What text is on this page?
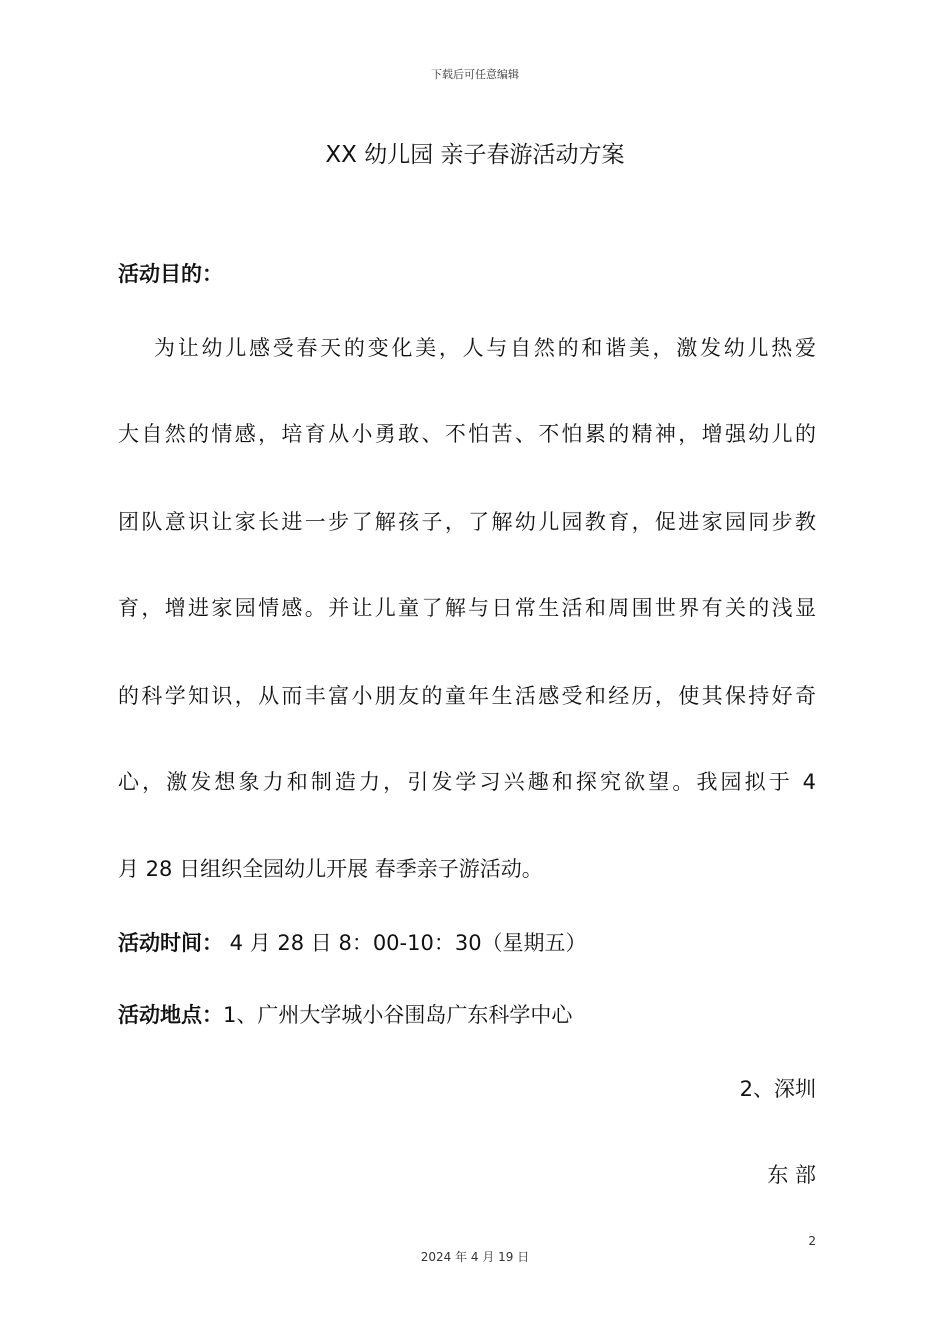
下载后可任意编辑
XX 幼儿园 亲子春游活动方案
活动目的：
为让幼儿感受春天的变化美，人与自然的和谐美，激发幼儿热爱
大自然的情感，培育从小勇敢、不怕苦、不怕累的精神，增强幼儿的
团队意识让家长进一步了解孩子，了解幼儿园教育，促进家园同步教
育，增进家园情感。并让儿童了解与日常生活和周围世界有关的浅显
的科学知识，从而丰富小朋友的童年生活感受和经历，使其保持好奇
心，激发想象力和制造力，引发学习兴趣和探究欲望。我园拟于 4
月 28 日组织全园幼儿开展 春季亲子游活动。
活动时间： 4 月 28 日 8：00-10：30（星期五）
活动地点：1、广州大学城小谷围岛广东科学中心
2、深圳
东 部
2
2024 年 4 月 19 日
